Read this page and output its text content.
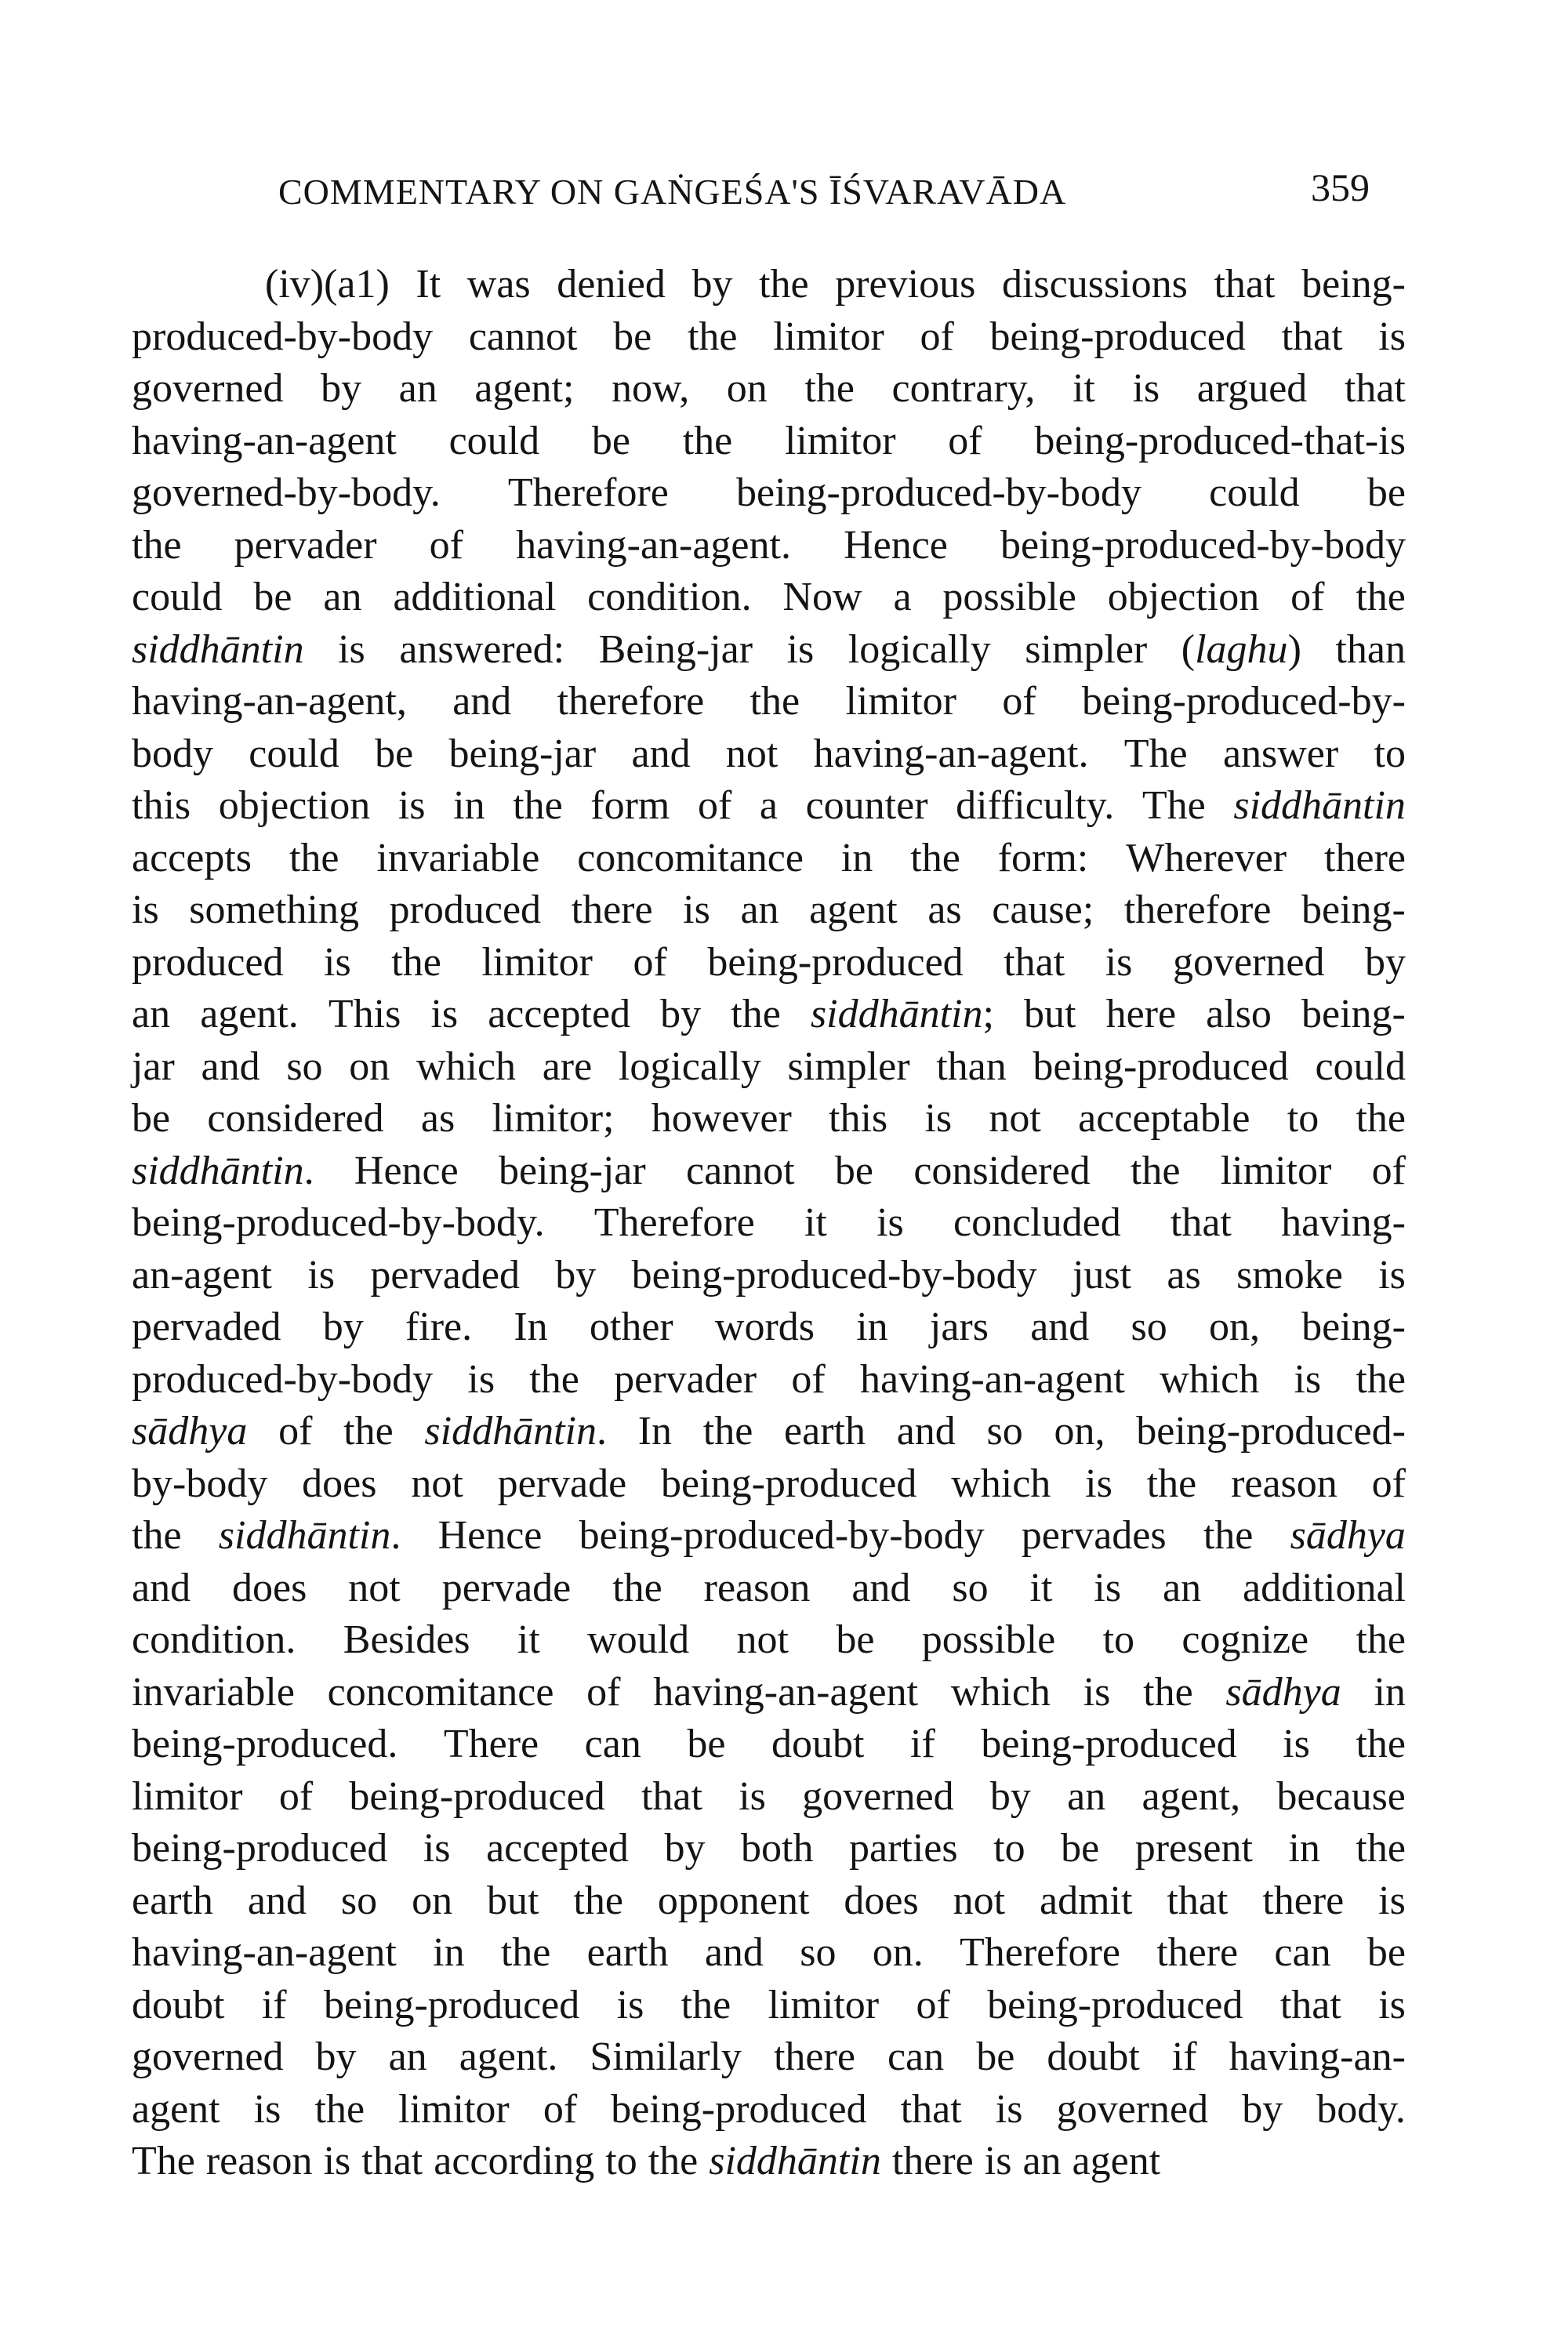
COMMENTARY ON GAṄGEŚA'S ĪŚVARAVĀDA	359
(iv)(a1) It was denied by the previous discussions that being-
produced-by-body cannot be the limitor of being-produced that is
governed by an agent; now, on the contrary, it is argued that
having-an-agent could be the limitor of being-produced-that-is
governed-by-body. Therefore being-produced-by-body could be
the pervader of having-an-agent. Hence being-produced-by-body
could be an additional condition. Now a possible objection of the
siddhāntin is answered: Being-jar is logically simpler (laghu) than
having-an-agent, and therefore the limitor of being-produced-by-
body could be being-jar and not having-an-agent. The answer to
this objection is in the form of a counter difficulty. The siddhāntin
accepts the invariable concomitance in the form: Wherever there
is something produced there is an agent as cause; therefore being-
produced is the limitor of being-produced that is governed by
an agent. This is accepted by the siddhāntin; but here also being-
jar and so on which are logically simpler than being-produced could
be considered as limitor; however this is not acceptable to the
siddhāntin. Hence being-jar cannot be considered the limitor of
being-produced-by-body. Therefore it is concluded that having-
an-agent is pervaded by being-produced-by-body just as smoke is
pervaded by fire. In other words in jars and so on, being-
produced-by-body is the pervader of having-an-agent which is the
sādhya of the siddhāntin. In the earth and so on, being-produced-
by-body does not pervade being-produced which is the reason of
the siddhāntin. Hence being-produced-by-body pervades the sādhya
and does not pervade the reason and so it is an additional
condition. Besides it would not be possible to cognize the
invariable concomitance of having-an-agent which is the sādhya in
being-produced. There can be doubt if being-produced is the
limitor of being-produced that is governed by an agent, because
being-produced is accepted by both parties to be present in the
earth and so on but the opponent does not admit that there is
having-an-agent in the earth and so on. Therefore there can be
doubt if being-produced is the limitor of being-produced that is
governed by an agent. Similarly there can be doubt if having-an-
agent is the limitor of being-produced that is governed by body.
The reason is that according to the siddhāntin there is an agent
